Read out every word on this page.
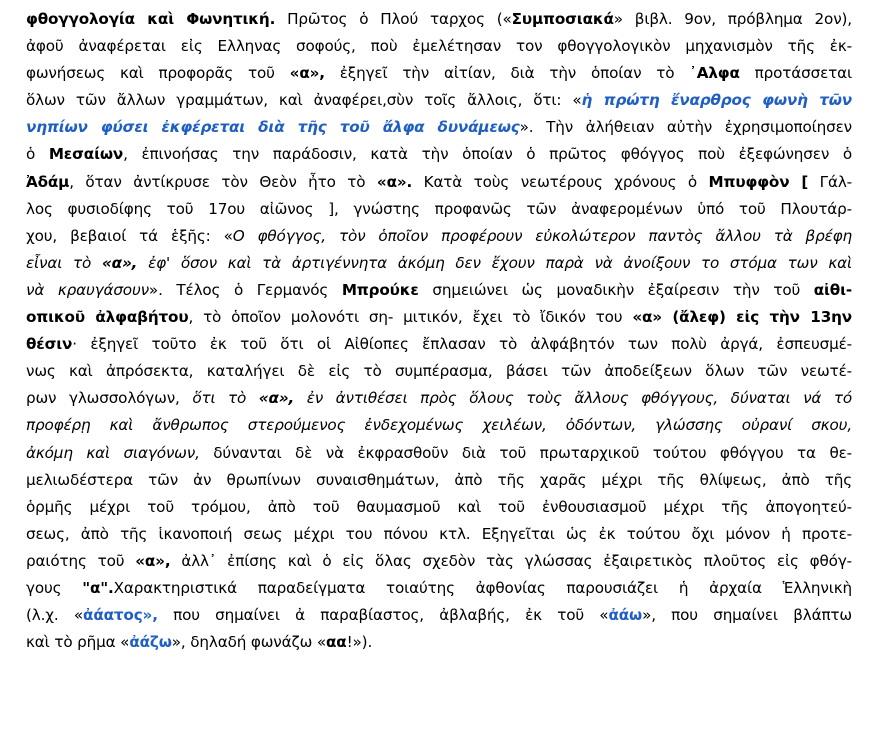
φθογγολογία καὶ Φωνητική. Πρῶτος ὁ Πλού ταρχος («Συμποσιακά» βιβλ. 9ον, πρόβλημα 2ον),
ἀφοῦ ἀναφέρεται εἰς Ελληνας σοφούς, ποὺ ἐμελέτησαν τον φθογγολογικὸν μηχανισμὸν τῆς ἐκ-
φωνήσεως καὶ προφορᾶς τοῦ «α», ἐξηγεῖ τὴν αἰτίαν, διὰ τὴν ὁποίαν τὸ ᾿Αλφα προτάσσεται
ὅλων τῶν ἄλλων γραμμάτων, καὶ ἀναφέρει,σὺν τοῖς ἄλλοις, ὅτι: «ἡ πρώτη ἔναρθρος φωνὴ τῶν
νηπίων φύσει ἐκφέρεται διὰ τῆς τοῦ ἄλφα δυνάμεως». Τὴν ἀλήθειαν αὐτὴν ἐχρησιμοποίησεν
ὁ Μεσαίων, ἐπινοήσας την παράδοσιν, κατὰ τὴν ὁποίαν ὁ πρῶτος φθόγγος ποὺ ἐξεφώνησεν ὁ
Ἀδάμ, ὅταν ἀντίκρυσε τὸν Θεὸν ἦτο τὸ «α». Κατὰ τοὺς νεωτέρους χρόνους ὁ Μπυφφὸν [ Γάλ-
λος φυσιοδίφης τοῦ 17ου αἰῶνος ], γνώστης προφανῶς τῶν ἀναφερομένων ὑπό τοῦ Πλουτάρ-
χου, βεβαιοί τά ἑξῆς: «Ο φθόγγος, τὸν ὁποῖον προφέρουν εὐκολώτερον παντὸς ἄλλου τὰ βρέφη
εἶναι τὸ «α», ἐφ' ὅσον καὶ τὰ ἀρτιγέννητα ἀκόμη δεν ἔχουν παρὰ νὰ ἀνοίξουν το στόμα των καὶ
νὰ κραυγάσουν». Τέλος ὁ Γερμανός Μπρούκε σημειώνει ὡς μοναδικὴν ἐξαίρεσιν τὴν τοῦ αἰθι-
οπικοῦ ἀλφαβήτου, τὸ ὁποῖον μολονότι ση- μιτικόν, ἔχει τὸ ἴδικόν του «α» (ἄλεφ) εἰς τὴν 13ην
θέσιν· ἐξηγεῖ τοῦτο ἐκ τοῦ ὅτι οἱ Αἰθίοπες ἔπλασαν τὸ ἀλφάβητόν των πολὺ ἀργά, ἐσπευσμέ-
νως καὶ ἀπρόσεκτα, καταλήγει δὲ εἰς τὸ συμπέρασμα, βάσει τῶν ἀποδείξεων ὅλων τῶν νεωτέ-
ρων γλωσσολόγων, ὅτι τὸ «α», ἐν ἀντιθέσει πρὸς ὅλους τοὺς ἄλλους φθόγγους, δύναται νά τό
προφέρῃ καὶ ἄνθρωπος στερούμενος ἐνδεχομένως χειλέων, ὀδόντων, γλώσσης οὐρανί σκου,
ἀκόμη καὶ σιαγόνων, δύνανται δὲ νὰ ἐκφρασθοῦν διὰ τοῦ πρωταρχικοῦ τούτου φθόγγου τα θε-
μελιωδέστερα τῶν ἀν θρωπίνων συναισθημάτων, ἀπὸ τῆς χαρᾶς μέχρι τῆς θλίψεως, ἀπὸ τῆς
ὁρμῆς μέχρι τοῦ τρόμου, ἀπὸ τοῦ θαυμασμοῦ καὶ τοῦ ἐνθουσιασμοῦ μέχρι τῆς ἀπογοητεύ-
σεως, ἀπὸ τῆς ἱκανοποιή σεως μέχρι του πόνου κτλ. Εξηγεῖται ὡς ἐκ τούτου ὄχι μόνον ἡ προτε-
ραιότης τοῦ «α», ἀλλ᾽ ἐπίσης καὶ ὁ εἰς ὅλας σχεδὸν τὰς γλώσσας ἐξαιρετικὸς πλοῦτος εἰς φθόγ-
γους "α".Χαρακτηριστικά παραδείγματα τοιαύτης ἀφθονίας παρουσιάζει ἡ ἀρχαία Ἑλληνικὴ
(λ.χ. «ἀάατος», που σημαίνει ἀ παραβίαστος, ἀβλαβής, ἐκ τοῦ «ἀάω», που σημαίνει βλάπτω
καὶ τὸ ρῆμα «ἀάζω», δηλαδή φωνάζω «αα!»).
